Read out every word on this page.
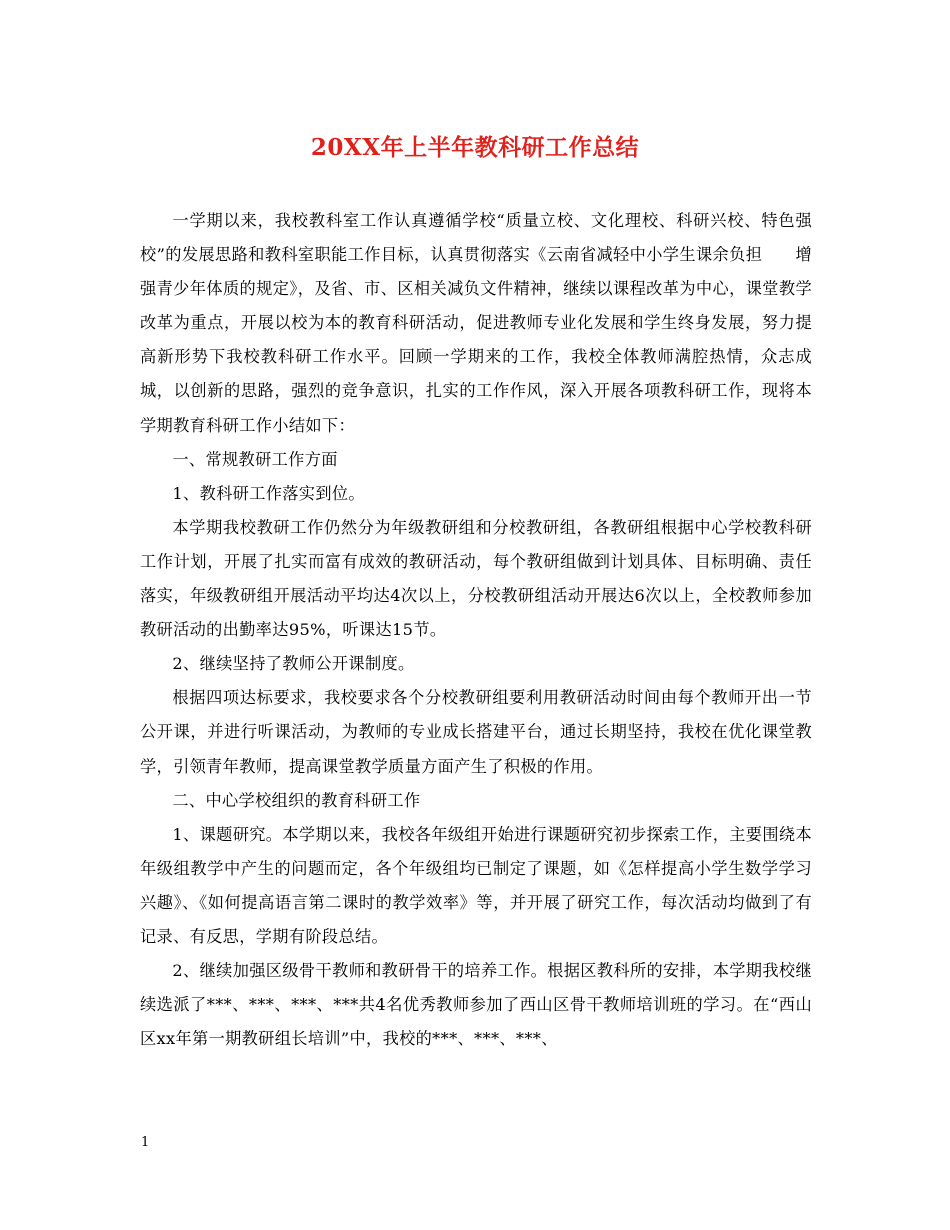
20XX年上半年教科研工作总结

一学期以来，我校教科室工作认真遵循学校“质量立校、文化理校、科研兴校、特色强校”的发展思路和教科室职能工作目标，认真贯彻落实《云南省减轻中小学生课余负担　　增强青少年体质的规定》，及省、市、区相关减负文件精神，继续以课程改革为中心，课堂教学改革为重点，开展以校为本的教育科研活动，促进教师专业化发展和学生终身发展，努力提高新形势下我校教科研工作水平。回顾一学期来的工作，我校全体教师满腔热情，众志成城，以创新的思路，强烈的竞争意识，扎实的工作作风，深入开展各项教科研工作，现将本学期教育科研工作小结如下：

一、常规教研工作方面

1、教科研工作落实到位。

本学期我校教研工作仍然分为年级教研组和分校教研组，各教研组根据中心学校教科研工作计划，开展了扎实而富有成效的教研活动，每个教研组做到计划具体、目标明确、责任落实，年级教研组开展活动平均达4次以上，分校教研组活动开展达6次以上，全校教师参加教研活动的出勤率达95%，听课达15节。

2、继续坚持了教师公开课制度。

根据四项达标要求，我校要求各个分校教研组要利用教研活动时间由每个教师开出一节公开课，并进行听课活动，为教师的专业成长搭建平台，通过长期坚持，我校在优化课堂教学，引领青年教师，提高课堂教学质量方面产生了积极的作用。

二、中心学校组织的教育科研工作

1、课题研究。本学期以来，我校各年级组开始进行课题研究初步探索工作，主要围绕本年级组教学中产生的问题而定，各个年级组均已制定了课题，如《怎样提高小学生数学学习兴趣》、《如何提高语言第二课时的教学效率》等，并开展了研究工作，每次活动均做到了有记录、有反思，学期有阶段总结。

2、继续加强区级骨干教师和教研骨干的培养工作。根据区教科所的安排，本学期我校继续选派了***、***、***、***共4名优秀教师参加了西山区骨干教师培训班的学习。在“西山区xx年第一期教研组长培训”中，我校的***、***、***、

1
